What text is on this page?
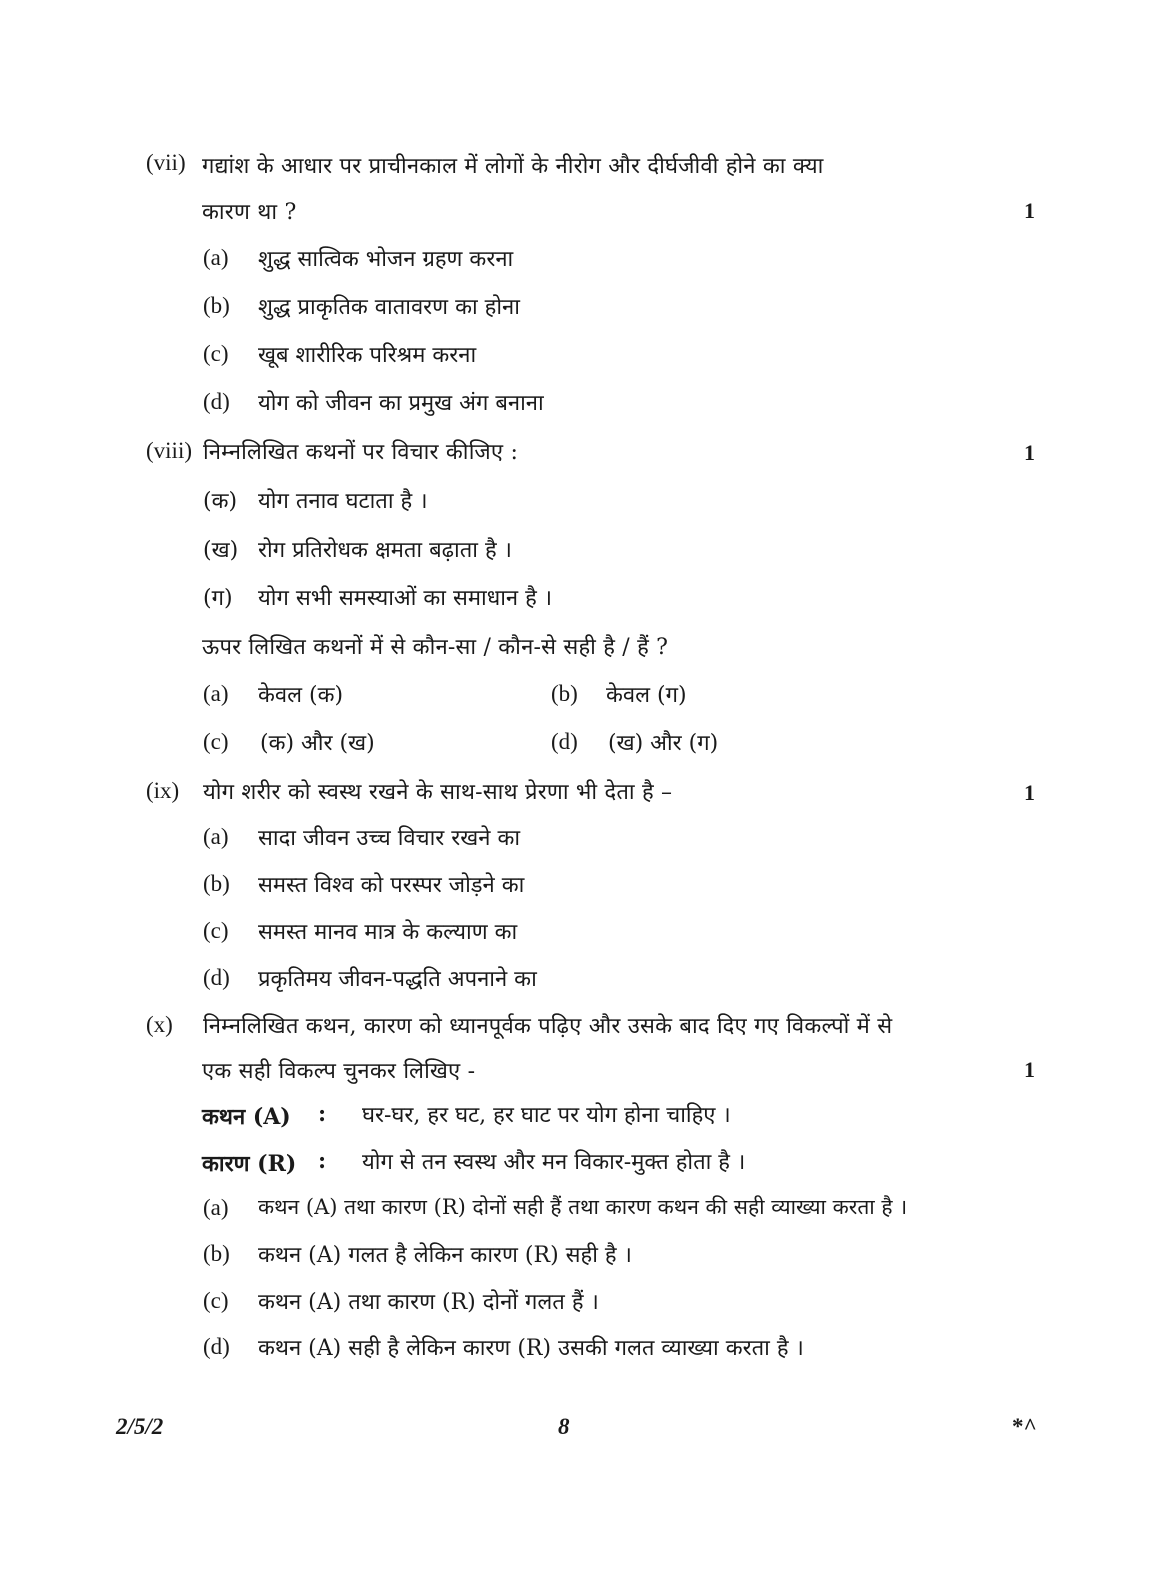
(vii) गद्यांश के आधार पर प्राचीनकाल में लोगों के नीरोग और दीर्घजीवी होने का क्या
कारण था ?	1
(a) शुद्ध सात्विक भोजन ग्रहण करना
(b) शुद्ध प्राकृतिक वातावरण का होना
(c) खूब शारीरिक परिश्रम करना
(d) योग को जीवन का प्रमुख अंग बनाना
(viii) निम्नलिखित कथनों पर विचार कीजिए :	1
(क) योग तनाव घटाता है ।
(ख) रोग प्रतिरोधक क्षमता बढ़ाता है ।
(ग) योग सभी समस्याओं का समाधान है ।
ऊपर लिखित कथनों में से कौन-सा / कौन-से सही है / हैं ?
(a) केवल (क)	(b) केवल (ग)
(c) (क) और (ख)	(d) (ख) और (ग)
(ix) योग शरीर को स्वस्थ रखने के साथ-साथ प्रेरणा भी देता है –	1
(a) सादा जीवन उच्च विचार रखने का
(b) समस्त विश्व को परस्पर जोड़ने का
(c) समस्त मानव मात्र के कल्याण का
(d) प्रकृतिमय जीवन-पद्धति अपनाने का
(x) निम्नलिखित कथन, कारण को ध्यानपूर्वक पढ़िए और उसके बाद दिए गए विकल्पों में से
एक सही विकल्प चुनकर लिखिए -	1
कथन (A) : घर-घर, हर घट, हर घाट पर योग होना चाहिए ।
कारण (R) : योग से तन स्वस्थ और मन विकार-मुक्त होता है ।
(a) कथन (A) तथा कारण (R) दोनों सही हैं तथा कारण कथन की सही व्याख्या करता है ।
(b) कथन (A) गलत है लेकिन कारण (R) सही है ।
(c) कथन (A) तथा कारण (R) दोनों गलत हैं ।
(d) कथन (A) सही है लेकिन कारण (R) उसकी गलत व्याख्या करता है ।
2/5/2	8	*^
